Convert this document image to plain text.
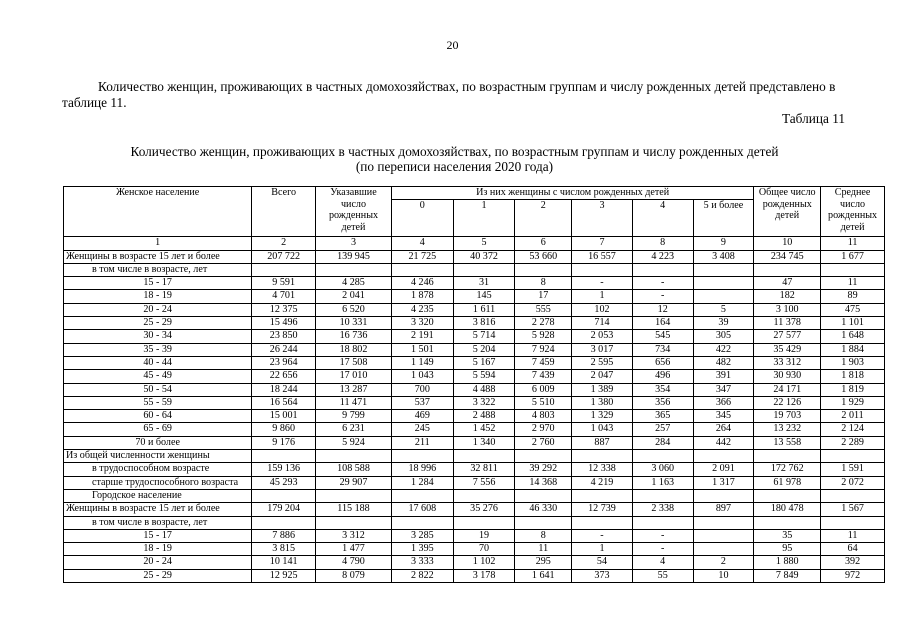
20
Количество женщин, проживающих в частных домохозяйствах, по возрастным группам и числу рожденных детей представлено в таблице 11.
Таблица 11
Количество женщин, проживающих в частных домохозяйствах, по возрастным группам и числу рожденных детей
(по переписи населения 2020 года)
Женское население	Всего	Указавшие число рожденных детей	Из них женщины с числом рожденных детей						Общее число рожденных детей	Среднее число рожденных детей
			0	1	2	3	4	5 и более		
1	2	3	4	5	6	7	8	9	10	11
Женщины в возрасте 15 лет и более	207 722	139 945	21 725	40 372	53 660	16 557	4 223	3 408	234 745	1 677
в том числе в возрасте, лет										
15 - 17	9 591	4 285	4 246	31	8	-	-		47	11
18 - 19	4 701	2 041	1 878	145	17	1	-		182	89
20 - 24	12 375	6 520	4 235	1 611	555	102	12	5	3 100	475
25 - 29	15 496	10 331	3 320	3 816	2 278	714	164	39	11 378	1 101
30 - 34	23 850	16 736	2 191	5 714	5 928	2 053	545	305	27 577	1 648
35 - 39	26 244	18 802	1 501	5 204	7 924	3 017	734	422	35 429	1 884
40 - 44	23 964	17 508	1 149	5 167	7 459	2 595	656	482	33 312	1 903
45 - 49	22 656	17 010	1 043	5 594	7 439	2 047	496	391	30 930	1 818
50 - 54	18 244	13 287	700	4 488	6 009	1 389	354	347	24 171	1 819
55 - 59	16 564	11 471	537	3 322	5 510	1 380	356	366	22 126	1 929
60 - 64	15 001	9 799	469	2 488	4 803	1 329	365	345	19 703	2 011
65 - 69	9 860	6 231	245	1 452	2 970	1 043	257	264	13 232	2 124
70 и более	9 176	5 924	211	1 340	2 760	887	284	442	13 558	2 289
Из общей численности женщины										
в трудоспособном возрасте	159 136	108 588	18 996	32 811	39 292	12 338	3 060	2 091	172 762	1 591
старше трудоспособного возраста	45 293	29 907	1 284	7 556	14 368	4 219	1 163	1 317	61 978	2 072
Городское население										
Женщины в возрасте 15 лет и более	179 204	115 188	17 608	35 276	46 330	12 739	2 338	897	180 478	1 567
в том числе в возрасте, лет										
15 - 17	7 886	3 312	3 285	19	8	-	-		35	11
18 - 19	3 815	1 477	1 395	70	11	1	-		95	64
20 - 24	10 141	4 790	3 333	1 102	295	54	4	2	1 880	392
25 - 29	12 925	8 079	2 822	3 178	1 641	373	55	10	7 849	972
